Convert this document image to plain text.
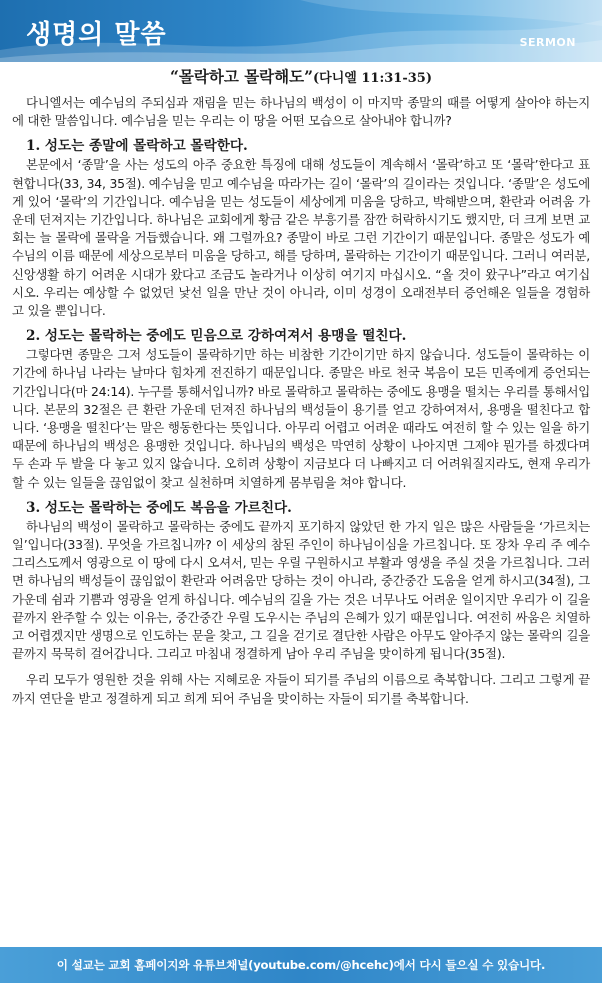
생명의 말씀	SERMON
“몰락하고 몰락해도”(다니엘 11:31-35)

다니엘서는 예수님의 주되심과 재림을 믿는 하나님의 백성이 이 마지막 종말의 때를 어떻게 살아야 하는지에 대한 말씀입니다. 예수님을 믿는 우리는 이 땅을 어떤 모습으로 살아내야 합니까?

1. 성도는 종말에 몰락하고 몰락한다.

본문에서 ‘종말’을 사는 성도의 아주 중요한 특징에 대해 성도들이 계속해서 ‘몰락’하고 또 ‘몰락’한다고 표현합니다(33, 34, 35절). 예수님을 믿고 예수님을 따라가는 길이 ‘몰락’의 길이라는 것입니다. ‘종말’은 성도에게 있어 ‘몰락’의 기간입니다. 예수님을 믿는 성도들이 세상에게 미움을 당하고, 박해받으며, 환란과 어려움 가운데 던져지는 기간입니다. 하나님은 교회에게 황금 같은 부흥기를 잠깐 허락하시기도 했지만, 더 크게 보면 교회는 늘 몰락에 몰락을 거듭했습니다. 왜 그럴까요? 종말이 바로 그런 기간이기 때문입니다. 종말은 성도가 예수님의 이름 때문에 세상으로부터 미움을 당하고, 해를 당하며, 몰락하는 기간이기 때문입니다. 그러니 여러분, 신앙생활 하기 어려운 시대가 왔다고 조금도 놀라거나 이상히 여기지 마십시오. “올 것이 왔구나”라고 여기십시오. 우리는 예상할 수 없었던 낯선 일을 만난 것이 아니라, 이미 성경이 오래전부터 증언해온 일들을 경험하고 있을 뿐입니다.

2. 성도는 몰락하는 중에도 믿음으로 강하여져서 용맹을 떨친다.

그렇다면 종말은 그저 성도들이 몰락하기만 하는 비참한 기간이기만 하지 않습니다. 성도들이 몰락하는 이 기간에 하나님 나라는 날마다 힘차게 전진하기 때문입니다. 종말은 바로 천국 복음이 모든 민족에게 증언되는 기간입니다(마 24:14). 누구를 통해서입니까? 바로 몰락하고 몰락하는 중에도 용맹을 떨치는 우리를 통해서입니다. 본문의 32절은 큰 환란 가운데 던져진 하나님의 백성들이 용기를 얻고 강하여져서, 용맹을 떨친다고 합니다. ‘용맹을 떨친다’는 말은 행동한다는 뜻입니다. 아무리 어렵고 어려운 때라도 여전히 할 수 있는 일을 하기 때문에 하나님의 백성은 용맹한 것입니다. 하나님의 백성은 막연히 상황이 나아지면 그제야 뭔가를 하겠다며 두 손과 두 발을 다 놓고 있지 않습니다. 오히려 상황이 지금보다 더 나빠지고 더 어려워질지라도, 현재 우리가 할 수 있는 일들을 끊임없이 찾고 실천하며 치열하게 몸부림을 쳐야 합니다.

3. 성도는 몰락하는 중에도 복음을 가르친다.

하나님의 백성이 몰락하고 몰락하는 중에도 끝까지 포기하지 않았던 한 가지 일은 많은 사람들을 ‘가르치는 일’입니다(33절). 무엇을 가르칩니까? 이 세상의 참된 주인이 하나님이심을 가르칩니다. 또 장차 우리 주 예수 그리스도께서 영광으로 이 땅에 다시 오셔서, 믿는 우릴 구원하시고 부활과 영생을 주실 것을 가르칩니다. 그러면 하나님의 백성들이 끊임없이 환란과 어려움만 당하는 것이 아니라, 중간중간 도움을 얻게 하시고(34절), 그 가운데 쉼과 기쁨과 영광을 얻게 하십니다. 예수님의 길을 가는 것은 너무나도 어려운 일이지만 우리가 이 길을 끝까지 완주할 수 있는 이유는, 중간중간 우릴 도우시는 주님의 은혜가 있기 때문입니다. 여전히 싸움은 치열하고 어렵겠지만 생명으로 인도하는 문을 찾고, 그 길을 걷기로 결단한 사람은 아무도 알아주지 않는 몰락의 길을 끝까지 묵묵히 걸어갑니다. 그리고 마침내 정결하게 남아 우리 주님을 맞이하게 됩니다(35절).

우리 모두가 영원한 것을 위해 사는 지혜로운 자들이 되기를 주님의 이름으로 축복합니다. 그리고 그렇게 끝까지 연단을 받고 정결하게 되고 희게 되어 주님을 맞이하는 자들이 되기를 축복합니다.

이 설교는 교회 홈페이지와 유튜브채널(youtube.com/@hcehc)에서 다시 들으실 수 있습니다.
